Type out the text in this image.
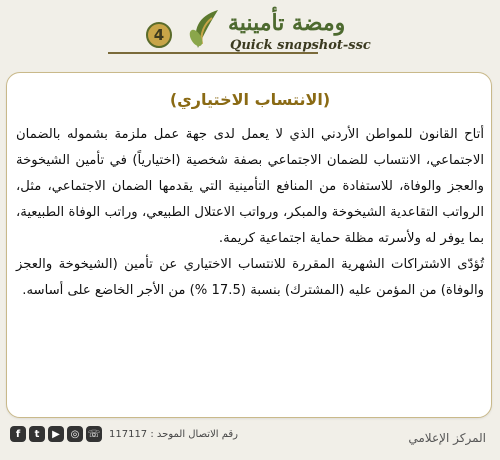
4	ومضة تأمينية
Quick snapshot-ssc
(الانتساب الاختياري)

أتاح القانون للمواطن الأردني الذي لا يعمل لدى جهة عمل ملزمة بشموله بالضمان الاجتماعي، الانتساب للضمان الاجتماعي بصفة شخصية (اختيارياً) في تأمين الشيخوخة والعجز والوفاة، للاستفادة من المنافع التأمينية التي يقدمها الضمان الاجتماعي، مثل، الرواتب التقاعدية الشيخوخة والمبكر، ورواتب الاعتلال الطبيعي، وراتب الوفاة الطبيعية، بما يوفر له ولأسرته مظلة حماية اجتماعية كريمة.

تُؤدّى الاشتراكات الشهرية المقررة للانتساب الاختياري عن تأمين (الشيخوخة والعجز والوفاة) من المؤمن عليه (المشترك) بنسبة (17.5 %) من الأجر الخاضع على أساسه.

المركز الإعلامي
f	t	▶	◎ ☏ رقم الاتصال الموحد : 117117
